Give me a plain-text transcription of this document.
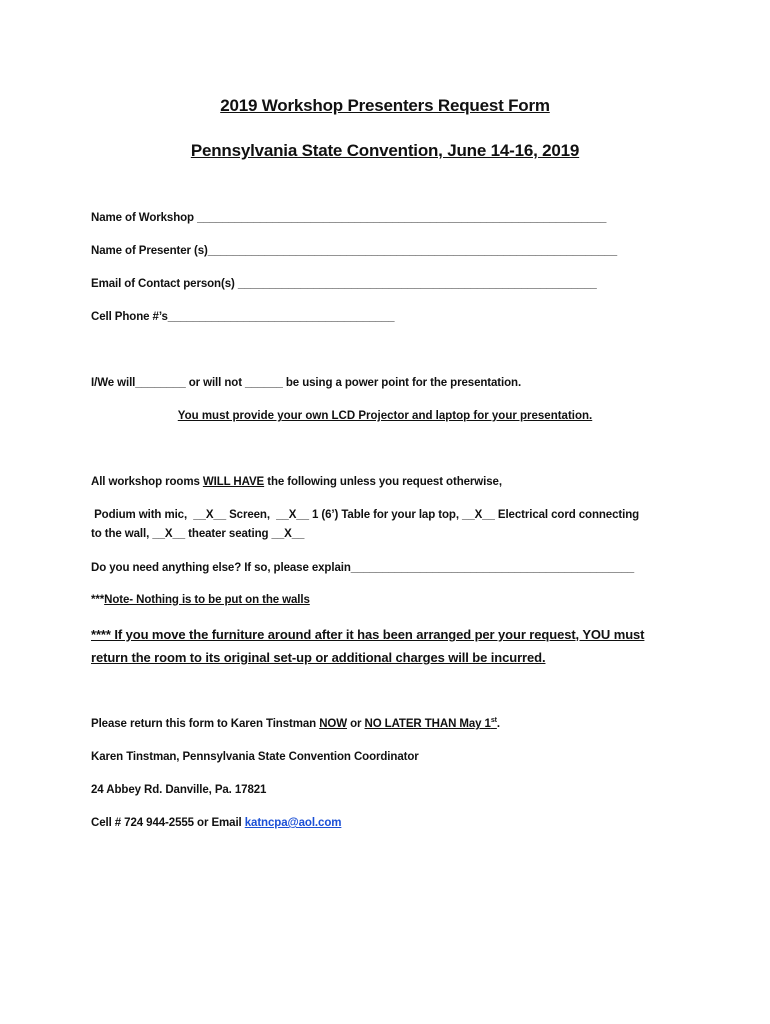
2019 Workshop Presenters Request Form
Pennsylvania State Convention, June 14-16, 2019
Name of Workshop _________________________________________________________________
Name of Presenter (s)_________________________________________________________________
Email of Contact person(s) _________________________________________________________
Cell Phone #’s____________________________________
I/We will________ or will not ______ be using a power point for the presentation.
You must provide your own LCD Projector and laptop for your presentation.
All workshop rooms WILL HAVE the following unless you request otherwise,
Podium with mic,  __X__ Screen,  __X__ 1 (6’) Table for your lap top, __X__ Electrical cord connecting
to the wall, __X__ theater seating __X__
Do you need anything else? If so, please explain_____________________________________________
***Note- Nothing is to be put on the walls
**** If you move the furniture around after it has been arranged per your request, YOU must
return the room to its original set-up or additional charges will be incurred.
Please return this form to Karen Tinstman NOW or NO LATER THAN May 1st.
Karen Tinstman, Pennsylvania State Convention Coordinator
24 Abbey Rd. Danville, Pa. 17821
Cell # 724 944-2555 or Email katncpa@aol.com
